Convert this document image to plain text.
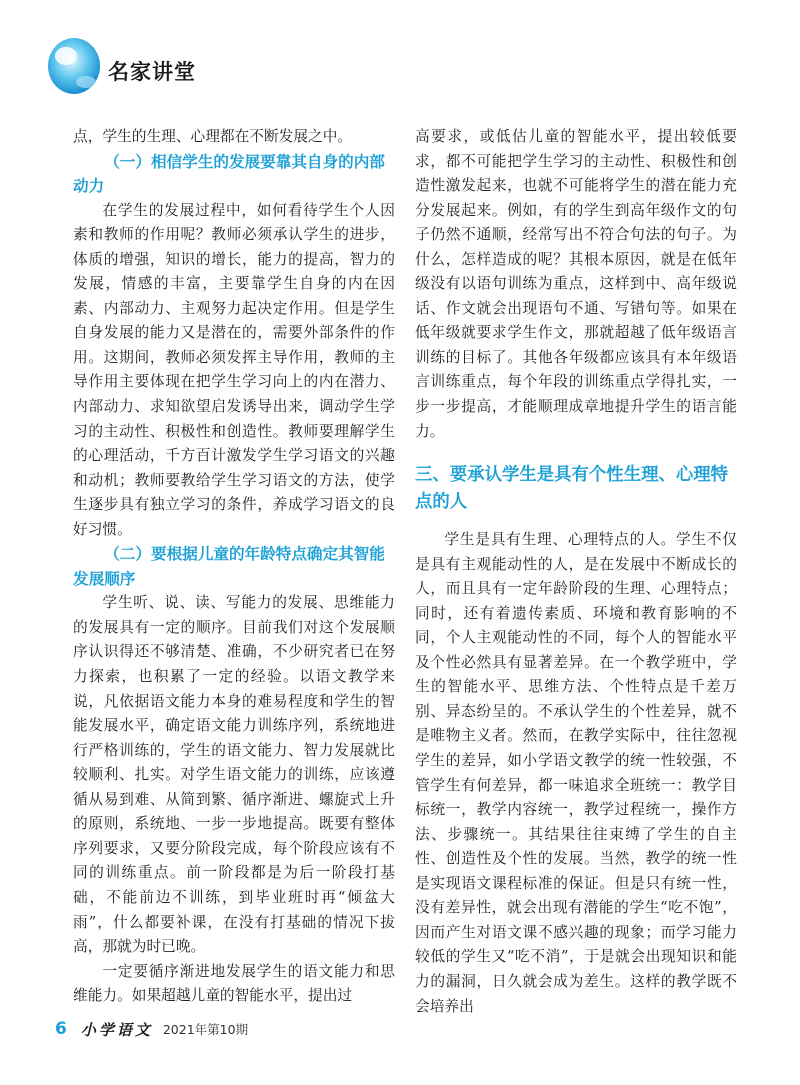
名家讲堂

点，学生的生理、心理都在不断发展之中。

（一）相信学生的发展要靠其自身的内部动力

在学生的发展过程中，如何看待学生个人因素和教师的作用呢？教师必须承认学生的进步，体质的增强，知识的增长，能力的提高，智力的发展，情感的丰富，主要靠学生自身的内在因素、内部动力、主观努力起决定作用。但是学生自身发展的能力又是潜在的，需要外部条件的作用。这期间，教师必须发挥主导作用，教师的主导作用主要体现在把学生学习向上的内在潜力、内部动力、求知欲望启发诱导出来，调动学生学习的主动性、积极性和创造性。教师要理解学生的心理活动，千方百计激发学生学习语文的兴趣和动机；教师要教给学生学习语文的方法，使学生逐步具有独立学习的条件，养成学习语文的良好习惯。

（二）要根据儿童的年龄特点确定其智能发展顺序

学生听、说、读、写能力的发展、思维能力的发展具有一定的顺序。目前我们对这个发展顺序认识得还不够清楚、准确，不少研究者已在努力探索，也积累了一定的经验。以语文教学来说，凡依据语文能力本身的难易程度和学生的智能发展水平，确定语文能力训练序列，系统地进行严格训练的，学生的语文能力、智力发展就比较顺利、扎实。对学生语文能力的训练，应该遵循从易到难、从简到繁、循序渐进、螺旋式上升的原则，系统地、一步一步地提高。既要有整体序列要求，又要分阶段完成，每个阶段应该有不同的训练重点。前一阶段都是为后一阶段打基础，不能前边不训练，到毕业班时再“倾盆大雨”，什么都要补课，在没有打基础的情况下拔高，那就为时已晚。

一定要循序渐进地发展学生的语文能力和思维能力。如果超越儿童的智能水平，提出过

高要求，或低估儿童的智能水平，提出较低要求，都不可能把学生学习的主动性、积极性和创造性激发起来，也就不可能将学生的潜在能力充分发展起来。例如，有的学生到高年级作文的句子仍然不通顺，经常写出不符合句法的句子。为什么，怎样造成的呢？其根本原因，就是在低年级没有以语句训练为重点，这样到中、高年级说话、作文就会出现语句不通、写错句等。如果在低年级就要求学生作文，那就超越了低年级语言训练的目标了。其他各年级都应该具有本年级语言训练重点，每个年段的训练重点学得扎实，一步一步提高，才能顺理成章地提升学生的语言能力。

三、要承认学生是具有个性生理、心理特点的人

学生是具有生理、心理特点的人。学生不仅是具有主观能动性的人，是在发展中不断成长的人，而且具有一定年龄阶段的生理、心理特点；同时，还有着遗传素质、环境和教育影响的不同，个人主观能动性的不同，每个人的智能水平及个性必然具有显著差异。在一个教学班中，学生的智能水平、思维方法、个性特点是千差万别、异态纷呈的。不承认学生的个性差异，就不是唯物主义者。然而，在教学实际中，往往忽视学生的差异，如小学语文教学的统一性较强，不管学生有何差异，都一味追求全班统一：教学目标统一，教学内容统一，教学过程统一，操作方法、步骤统一。其结果往往束缚了学生的自主性、创造性及个性的发展。当然，教学的统一性是实现语文课程标准的保证。但是只有统一性，没有差异性，就会出现有潜能的学生“吃不饱”，因而产生对语文课不感兴趣的现象；而学习能力较低的学生又“吃不消”，于是就会出现知识和能力的漏洞，日久就会成为差生。这样的教学既不会培养出

6 小学语文 2021年第10期
